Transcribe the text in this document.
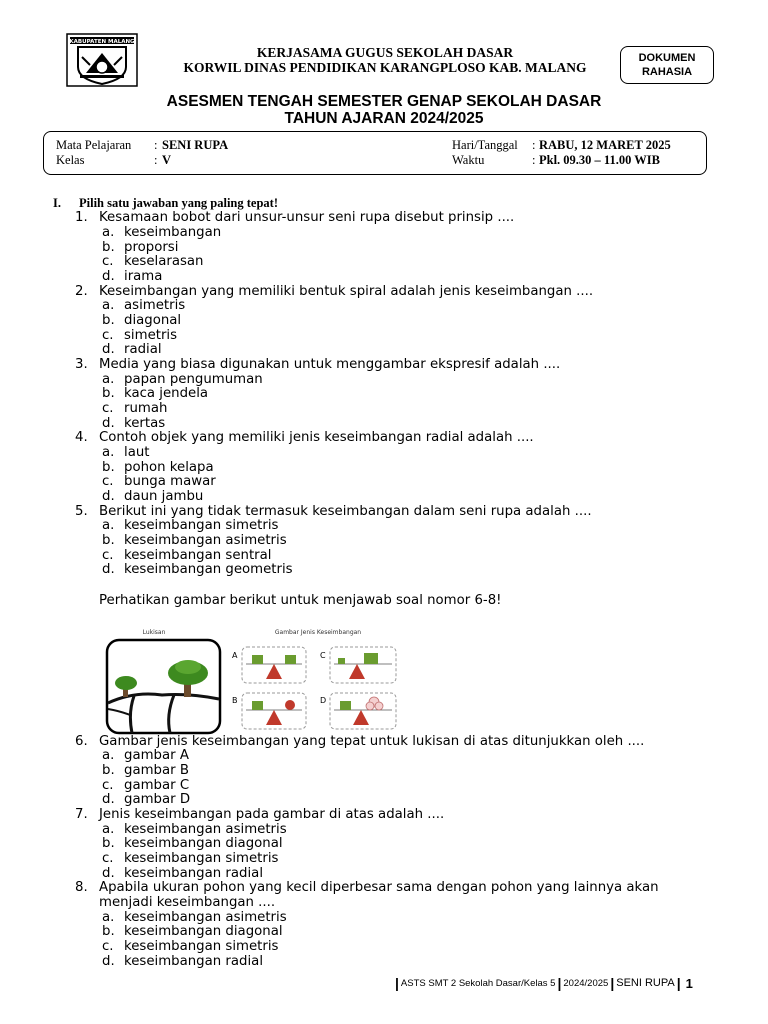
KABUPATEN MALANG
KERJASAMA GUGUS SEKOLAH DASAR
KORWIL DINAS PENDIDIKAN KARANGPLOSO KAB. MALANG
DOKUMEN
RAHASIA
ASESMEN TENGAH SEMESTER GENAP SEKOLAH DASAR
TAHUN AJARAN 2024/2025
Mata Pelajaran : SENI RUPA	Hari/Tanggal : RABU, 12 MARET 2025
Kelas	: V	Waktu	: Pkl. 09.30 – 11.00 WIB
I. Pilih satu jawaban yang paling tepat!
1. Kesamaan bobot dari unsur-unsur seni rupa disebut prinsip ....
a. keseimbangan
b. proporsi
c. keselarasan
d. irama
2. Keseimbangan yang memiliki bentuk spiral adalah jenis keseimbangan ....
a. asimetris
b. diagonal
c. simetris
d. radial
3. Media yang biasa digunakan untuk menggambar ekspresif adalah ....
a. papan pengumuman
b. kaca jendela
c. rumah
d. kertas
4. Contoh objek yang memiliki jenis keseimbangan radial adalah ....
a. laut
b. pohon kelapa
c. bunga mawar
d. daun jambu
5. Berikut ini yang tidak termasuk keseimbangan dalam seni rupa adalah ....
a. keseimbangan simetris
b. keseimbangan asimetris
c. keseimbangan sentral
d. keseimbangan geometris
Perhatikan gambar berikut untuk menjawab soal nomor 6-8!
Lukisan	Gambar Jenis Keseimbangan
A	C
B	D
6. Gambar jenis keseimbangan yang tepat untuk lukisan di atas ditunjukkan oleh ....
a. gambar A
b. gambar B
c. gambar C
d. gambar D
7. Jenis keseimbangan pada gambar di atas adalah ....
a. keseimbangan asimetris
b. keseimbangan diagonal
c. keseimbangan simetris
d. keseimbangan radial
8. Apabila ukuran pohon yang kecil diperbesar sama dengan pohon yang lainnya akan
menjadi keseimbangan ....
a. keseimbangan asimetris
b. keseimbangan diagonal
c. keseimbangan simetris
d. keseimbangan radial
| ASTS SMT 2 Sekolah Dasar/Kelas 5 | 2024/2025 | SENI RUPA | 1
